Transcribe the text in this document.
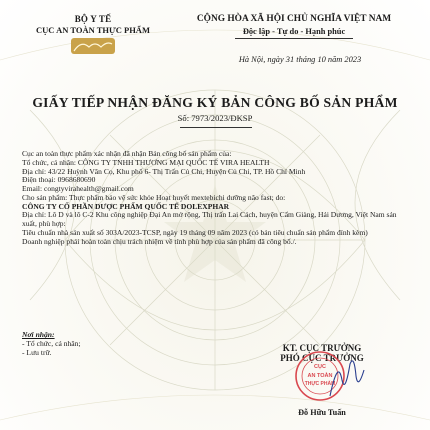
BỘ Y TẾ
CỤC AN TOÀN THỰC PHẨM
CỘNG HÒA XÃ HỘI CHỦ NGHĨA VIỆT NAM
Độc lập - Tự do - Hạnh phúc
Hà Nội, ngày 31 tháng 10 năm 2023
GIẤY TIẾP NHẬN ĐĂNG KÝ BẢN CÔNG BỐ SẢN PHẨM
Số: 7973/2023/ĐKSP

Cục an toàn thực phẩm xác nhận đã nhận Bản công bố sản phẩm của:

Tổ chức, cá nhân: CÔNG TY TNHH THƯƠNG MẠI QUỐC TẾ VIRA HEALTH

Địa chỉ: 43/22 Huỳnh Văn Cọ, Khu phố 6- Thị Trấn Củ Chi, Huyện Củ Chi, TP. Hồ Chí Minh

Điện thoại: 0968680690

Email: congtyvirahealth@gmail.com

Cho sản phẩm: Thực phẩm bảo vệ sức khỏe Hoạt huyết mextebichi dưỡng não fast; do:

CÔNG TY CỔ PHẦN DƯỢC PHẨM QUỐC TẾ DOLEXPHAR

Địa chỉ: Lô D và lô C-2 Khu công nghiệp Đại An mở rộng, Thị trấn Lai Cách, huyện Cẩm Giàng, Hải Dương, Việt Nam sản xuất, phù hợp:

Tiêu chuẩn nhà sản xuất số 303A/2023-TCSP, ngày 19 tháng 09 năm 2023 (có bản tiêu chuẩn sản phẩm đính kèm)

Doanh nghiệp phải hoàn toàn chịu trách nhiệm về tính phù hợp của sản phẩm đã công bố./.

Nơi nhận:
- Tổ chức, cá nhân;
- Lưu trữ.	KT. CỤC TRƯỞNG
PHÓ CỤC TRƯỞNG
CỤC
AN TOÀN
THỰC PHẨM
Đỗ Hữu Tuấn
